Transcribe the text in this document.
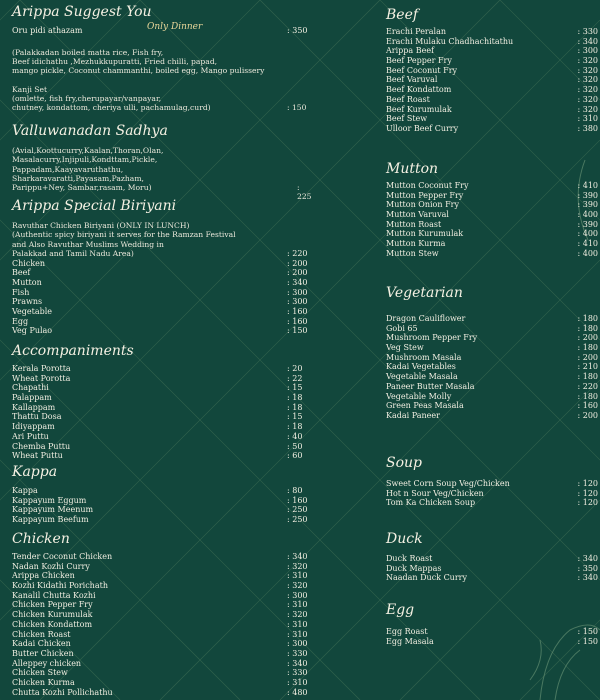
Arippa Suggest You
Oru pidi athazam	Only Dinner	: 350
(Palakkadan boiled matta rice, Fish fry,
Beef idichathu ,Mezhukkupuratti, Fried chilli, papad,
mango pickle, Coconut chammanthi, boiled egg, Mango pulissery
Kanji Set
(omlette, fish fry,cherupayar/vanpayar,
chutney, kondattom, cheriya ulli, pachamulag,curd)	: 150
Valluwanadan Sadhya
(Avial,Koottucurry,Kaalan,Thoran,Olan,
Masalacurry,Injipuli,Kondttam,Pickle,
Pappadam,Kaayavaruthathu,
Sharkaravaratti,Payasam,Pazham,
Parippu+Ney, Sambar,rasam, Moru)	: 225
Arippa Special Biriyani
Ravuthar Chicken Biriyani (ONLY IN LUNCH)
(Authentic spicy biriyani it serves for the Ramzan Festival
and Also Ravuthar Muslims Wedding in
Palakkad and Tamil Nadu Area)	: 220
Chicken	: 200
Beef	: 200
Mutton	: 340
Fish	: 300
Prawns	: 300
Vegetable	: 160
Egg	: 160
Veg Pulao	: 150
Accompaniments
Kerala Porotta	: 20
Wheat Porotta	: 22
Chapathi	: 15
Palappam	: 18
Kallappam	: 18
Thattu Dosa	: 15
Idiyappam	: 18
Ari Puttu	: 40
Chemba Puttu	: 50
Wheat Puttu	: 60
Kappa
Kappa	: 80
Kappayum Eggum	: 160
Kappayum Meenum	: 250
Kappayum Beefum	: 250
Chicken
Tender Coconut Chicken	: 340
Nadan Kozhi Curry	: 320
Arippa Chicken	: 310
Kozhi Kidathi Porichath	: 320
Kanalil Chutta Kozhi	: 300
Chicken Pepper Fry	: 310
Chicken Kurumulak	: 320
Chicken Kondattom	: 310
Chicken Roast	: 310
Kadai Chicken	: 300
Butter Chicken	: 330
Alleppey chicken	: 340
Chicken Stew	: 330
Chicken Kurma	: 310
Chutta Kozhi Pollichathu	: 480
Beef
Erachi Peralan	: 330
Erachi Mulaku Chadhachitathu	: 340
Arippa Beef	: 300
Beef Pepper Fry	: 320
Beef Coconut Fry	: 320
Beef Varuval	: 320
Beef Kondattom	: 320
Beef Roast	: 320
Beef Kurumulak	: 320
Beef Stew	: 310
Ulloor Beef Curry	: 380
Mutton
Mutton Coconut Fry	: 410
Mutton Pepper Fry	: 390
Mutton Onion Fry	: 390
Mutton Varuval	: 400
Mutton Roast	: 390
Mutton Kurumulak	: 400
Mutton Kurma	: 410
Mutton Stew	: 400
Vegetarian
Dragon Cauliflower	: 180
Gobi 65	: 180
Mushroom Pepper Fry	: 200
Veg Stew	: 180
Mushroom Masala	: 200
Kadai Vegetables	: 210
Vegetable Masala	: 180
Paneer Butter Masala	: 220
Vegetable Molly	: 180
Green Peas Masala	: 160
Kadai Paneer	: 200
Soup
Sweet Corn Soup Veg/Chicken	: 120
Hot n Sour Veg/Chicken	: 120
Tom Ka Chicken Soup	: 120
Duck
Duck Roast	: 340
Duck Mappas	: 350
Naadan Duck Curry	: 340
Egg
Egg Roast	: 150
Egg Masala	: 150
